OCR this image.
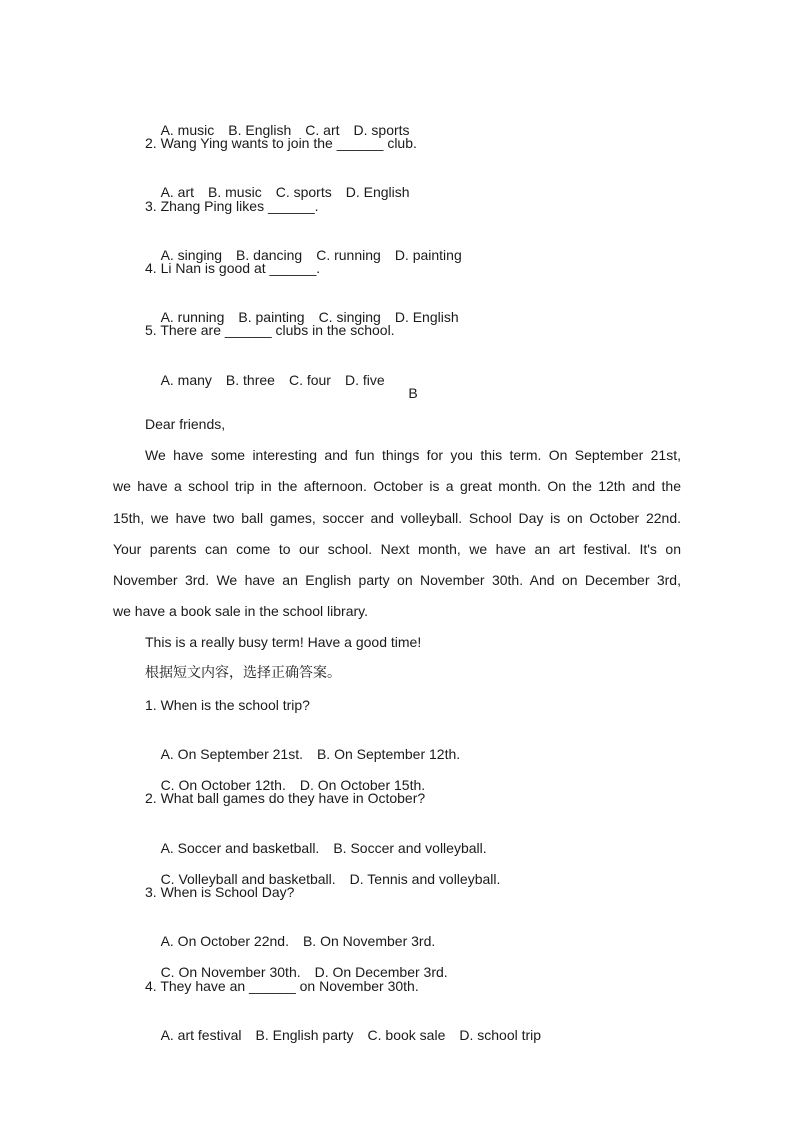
A. music B. English C. art D. sports

2. Wang Ying wants to join the ______ club.

A. art B. music C. sports D. English

3. Zhang Ping likes ______.

A. singing B. dancing C. running D. painting

4. Li Nan is good at ______.

A. running B. painting C. singing D. English

5. There are ______ clubs in the school.

A. many B. three C. four D. five

B
Dear friends,
We have some interesting and fun things for you this term. On September 21st,
we have a school trip in the afternoon. October is a great month. On the 12th and the
15th, we have two ball games, soccer and volleyball. School Day is on October 22nd.
Your parents can come to our school. Next month, we have an art festival. It's on
November 3rd. We have an English party on November 30th. And on December 3rd,
we have a book sale in the school library.
This is a really busy term! Have a good time!
根据短文内容，选择正确答案。
1. When is the school trip?

A. On September 21st. B. On September 12th.

C. On October 12th. D. On October 15th.

2. What ball games do they have in October?

A. Soccer and basketball. B. Soccer and volleyball.

C. Volleyball and basketball. D. Tennis and volleyball.

3. When is School Day?

A. On October 22nd. B. On November 3rd.

C. On November 30th. D. On December 3rd.

4. They have an ______ on November 30th.

A. art festival B. English party C. book sale D. school trip
